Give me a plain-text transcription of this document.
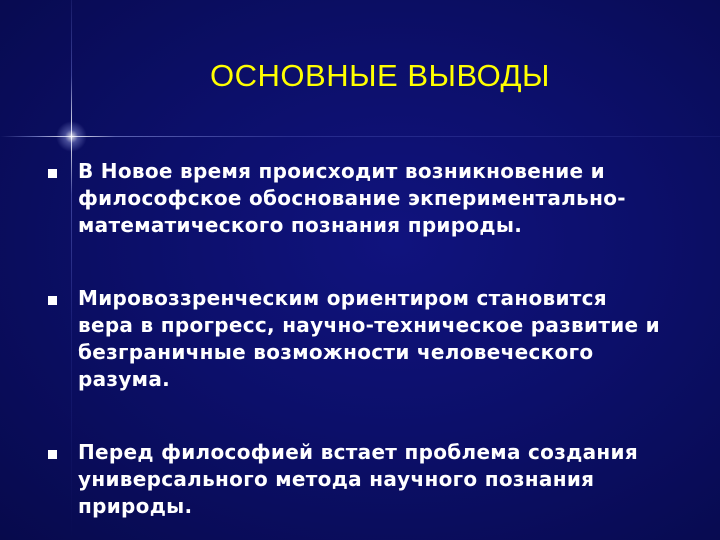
ОСНОВНЫЕ ВЫВОДЫ
В Новое время происходит возникновение и
философское обоснование экпериментально-
математического познания природы.
Мировоззренческим ориентиром становится
вера в прогресс, научно-техническое развитие и
безграничные возможности человеческого
разума.
Перед философией встает проблема создания
универсального метода научного познания
природы.
